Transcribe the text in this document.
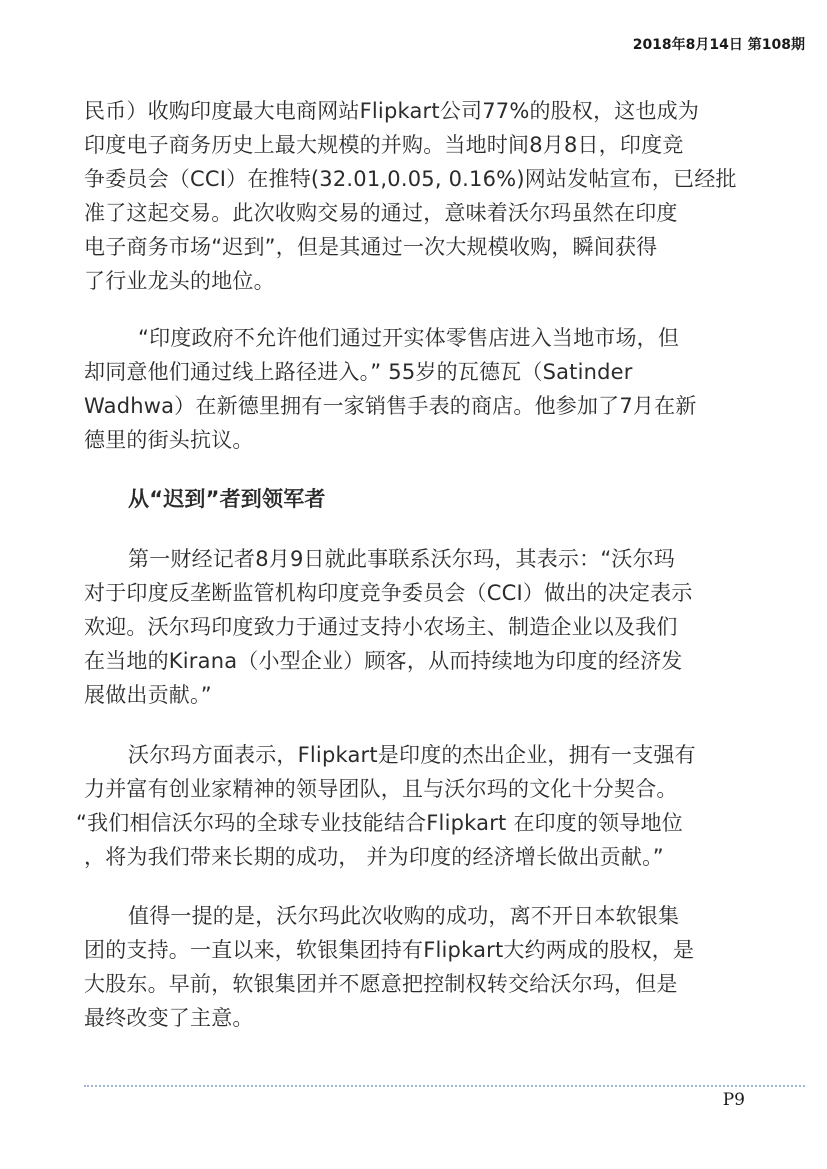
2018年8月14日 第108期
民币）收购印度最大电商网站Flipkart公司77%的股权，这也成为
印度电子商务历史上最大规模的并购。当地时间8月8日，印度竞
争委员会（CCI）在推特(32.01,0.05, 0.16%)网站发帖宣布，已经批
准了这起交易。此次收购交易的通过，意味着沃尔玛虽然在印度
电子商务市场“迟到”，但是其通过一次大规模收购，瞬间获得
了行业龙头的地位。
“印度政府不允许他们通过开实体零售店进入当地市场，但
却同意他们通过线上路径进入。” 55岁的瓦德瓦（Satinder
Wadhwa）在新德里拥有一家销售手表的商店。他参加了7月在新
德里的街头抗议。
从“迟到”者到领军者
第一财经记者8月9日就此事联系沃尔玛，其表示：“沃尔玛
对于印度反垄断监管机构印度竞争委员会（CCI）做出的决定表示
欢迎。沃尔玛印度致力于通过支持小农场主、制造企业以及我们
在当地的Kirana（小型企业）顾客，从而持续地为印度的经济发
展做出贡献。”
沃尔玛方面表示，Flipkart是印度的杰出企业，拥有一支强有
力并富有创业家精神的领导团队，且与沃尔玛的文化十分契合。
“我们相信沃尔玛的全球专业技能结合Flipkart 在印度的领导地位
，将为我们带来长期的成功， 并为印度的经济增长做出贡献。”
值得一提的是，沃尔玛此次收购的成功，离不开日本软银集
团的支持。一直以来，软银集团持有Flipkart大约两成的股权，是
大股东。早前，软银集团并不愿意把控制权转交给沃尔玛，但是
最终改变了主意。
P9
